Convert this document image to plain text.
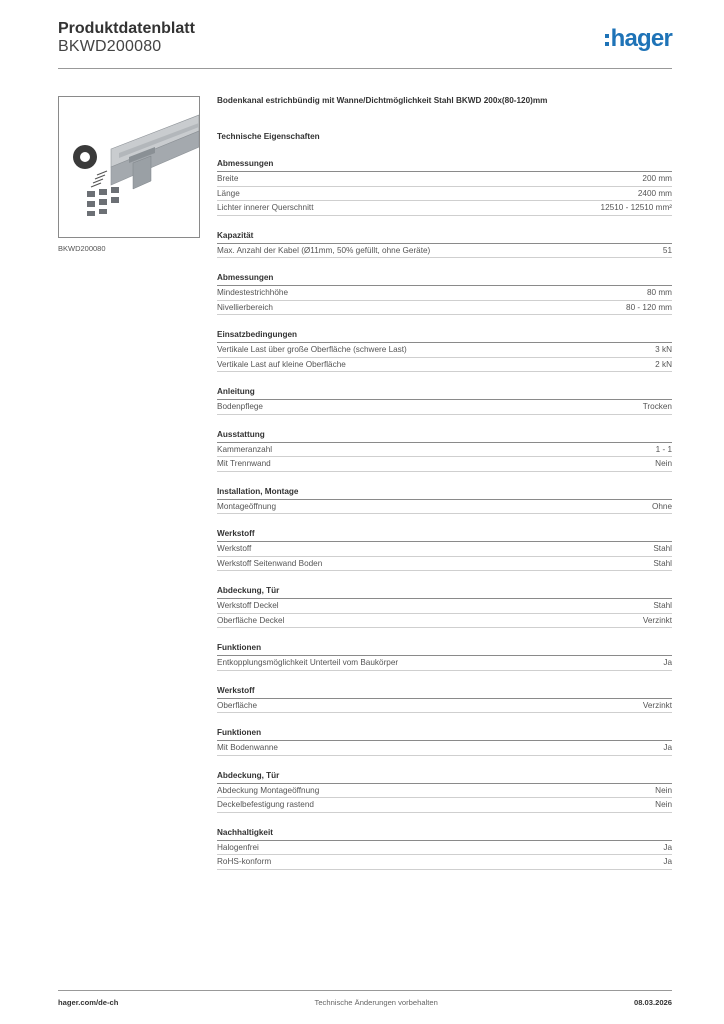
Produktdatenblatt
BKWD200080	hager
BKWD200080
Bodenkanal estrichbündig mit Wanne/Dichtmöglichkeit Stahl BKWD 200x(80-120)mm
Technische Eigenschaften
Abmessungen
Breite	200 mm
Länge	2400 mm
Lichter innerer Querschnitt	12510 - 12510 mm²
Kapazität
Max. Anzahl der Kabel (Ø11mm, 50% gefüllt, ohne Geräte)	51
Abmessungen
Mindestestrichhöhe	80 mm
Nivellierbereich	80 - 120 mm
Einsatzbedingungen
Vertikale Last über große Oberfläche (schwere Last)	3 kN
Vertikale Last auf kleine Oberfläche	2 kN
Anleitung
Bodenpflege	Trocken
Ausstattung
Kammeranzahl	1 - 1
Mit Trennwand	Nein
Installation, Montage
Montageöffnung	Ohne
Werkstoff
Werkstoff	Stahl
Werkstoff Seitenwand Boden	Stahl
Abdeckung, Tür
Werkstoff Deckel	Stahl
Oberfläche Deckel	Verzinkt
Funktionen
Entkopplungsmöglichkeit Unterteil vom Baukörper	Ja
Werkstoff
Oberfläche	Verzinkt
Funktionen
Mit Bodenwanne	Ja
Abdeckung, Tür
Abdeckung Montageöffnung	Nein
Deckelbefestigung rastend	Nein
Nachhaltigkeit
Halogenfrei	Ja
RoHS-konform	Ja
hager.com/de-ch	Technische Änderungen vorbehalten	08.03.2026
